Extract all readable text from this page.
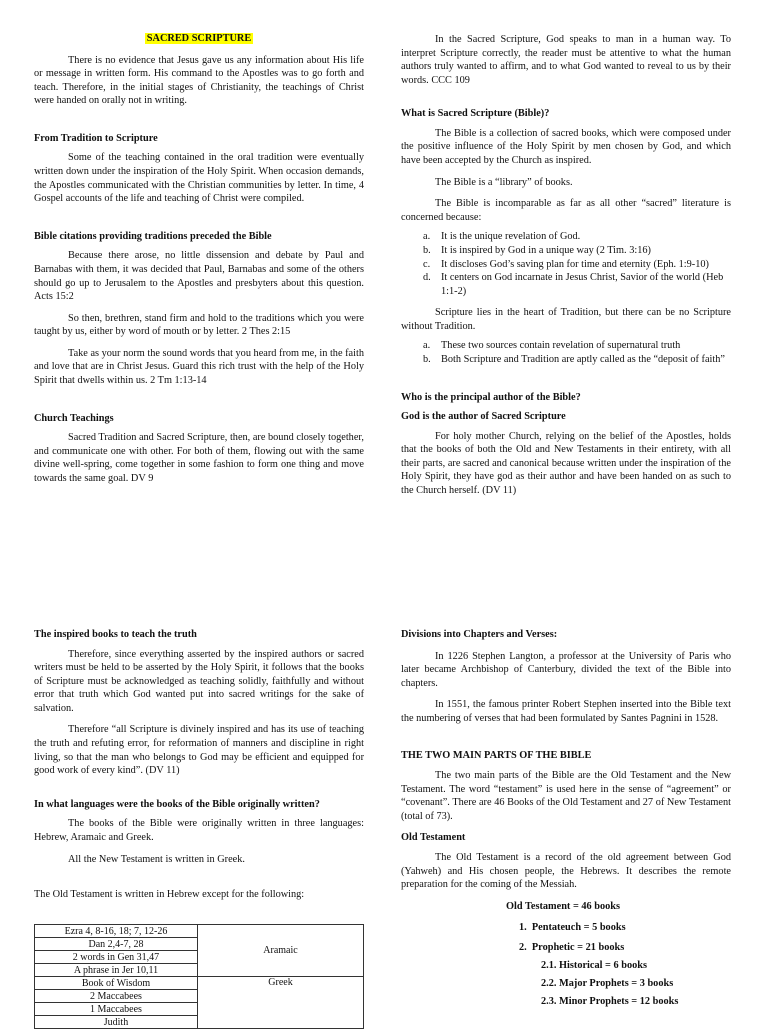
SACRED SCRIPTURE

There is no evidence that Jesus gave us any information about His life or message in written form. His command to the Apostles was to go forth and teach. Therefore, in the initial stages of Christianity, the teachings of Christ were handed on orally not in writing.

From Tradition to Scripture

Some of the teaching contained in the oral tradition were eventually written down under the inspiration of the Holy Spirit. When occasion demands, the Apostles communicated with the Christian communities by letter. In time, 4 Gospel accounts of the life and teaching of Christ were compiled.

Bible citations providing traditions preceded the Bible

Because there arose, no little dissension and debate by Paul and Barnabas with them, it was decided that Paul, Barnabas and some of the others should go up to Jerusalem to the Apostles and presbyters about this question. Acts 15:2

So then, brethren, stand firm and hold to the traditions which you were taught by us, either by word of mouth or by letter. 2 Thes 2:15

Take as your norm the sound words that you heard from me, in the faith and love that are in Christ Jesus. Guard this rich trust with the help of the Holy Spirit that dwells within us. 2 Tm 1:13-14

Church Teachings

Sacred Tradition and Sacred Scripture, then, are bound closely together, and communicate one with other. For both of them, flowing out with the same divine well-spring, come together in some fashion to form one thing and move towards the same goal. DV 9

In the Sacred Scripture, God speaks to man in a human way. To interpret Scripture correctly, the reader must be attentive to what the human authors truly wanted to affirm, and to what God wanted to reveal to us by their words. CCC 109

What is Sacred Scripture (Bible)?

The Bible is a collection of sacred books, which were composed under the positive influence of the Holy Spirit by men chosen by God, and which have been accepted by the Church as inspired.

The Bible is a “library” of books.

The Bible is incomparable as far as all other “sacred” literature is concerned because:

a. It is the unique revelation of God.
b. It is inspired by God in a unique way (2 Tim. 3:16)
c. It discloses God’s saving plan for time and eternity (Eph. 1:9-10)
d. It centers on God incarnate in Jesus Christ, Savior of the world (Heb 1:1-2)

Scripture lies in the heart of Tradition, but there can be no Scripture without Tradition.

a. These two sources contain revelation of supernatural truth
b. Both Scripture and Tradition are aptly called as the “deposit of faith”

Who is the principal author of the Bible?

God is the author of Sacred Scripture

For holy mother Church, relying on the belief of the Apostles, holds that the books of both the Old and New Testaments in their entirety, with all their parts, are sacred and canonical because written under the inspiration of the Holy Spirit, they have god as their author and have been handed on as such to the Church herself. (DV 11)

The inspired books to teach the truth

Therefore, since everything asserted by the inspired authors or sacred writers must be held to be asserted by the Holy Spirit, it follows that the books of Scripture must be acknowledged as teaching solidly, faithfully and without error that truth which God wanted put into sacred writings for the sake of salvation.

Therefore “all Scripture is divinely inspired and has its use of teaching the truth and refuting error, for reformation of manners and discipline in right living, so that the man who belongs to God may be efficient and equipped for good work of every kind”. (DV 11)

In what languages were the books of the Bible originally written?

The books of the Bible were originally written in three languages: Hebrew, Aramaic and Greek.

All the New Testament is written in Greek.

The Old Testament is written in Hebrew except for the following:

Ezra 4, 8-16, 18; 7, 12-26	Aramaic
Dan 2,4-7, 28	
2 words in Gen 31,47	
A phrase in Jer 10,11	
Book of Wisdom	Greek
2 Maccabees	
1 Maccabees	
Judith	

Divisions into Chapters and Verses:

In 1226 Stephen Langton, a professor at the University of Paris who later became Archbishop of Canterbury, divided the text of the Bible into chapters.

In 1551, the famous printer Robert Stephen inserted into the Bible text the numbering of verses that had been formulated by Santes Pagnini in 1528.

THE TWO MAIN PARTS OF THE BIBLE

The two main parts of the Bible are the Old Testament and the New Testament. The word “testament” is used here in the sense of “agreement” or “covenant”. There are 46 Books of the Old Testament and 27 of New Testament (total of 73).

Old Testament

The Old Testament is a record of the old agreement between God (Yahweh) and His chosen people, the Hebrews. It describes the remote preparation for the coming of the Messiah.

Old Testament = 46 books

1. Pentateuch = 5 books
2. Prophetic = 21 books
2.1. Historical = 6 books
2.2. Major Prophets = 3 books
2.3. Minor Prophets = 12 books
